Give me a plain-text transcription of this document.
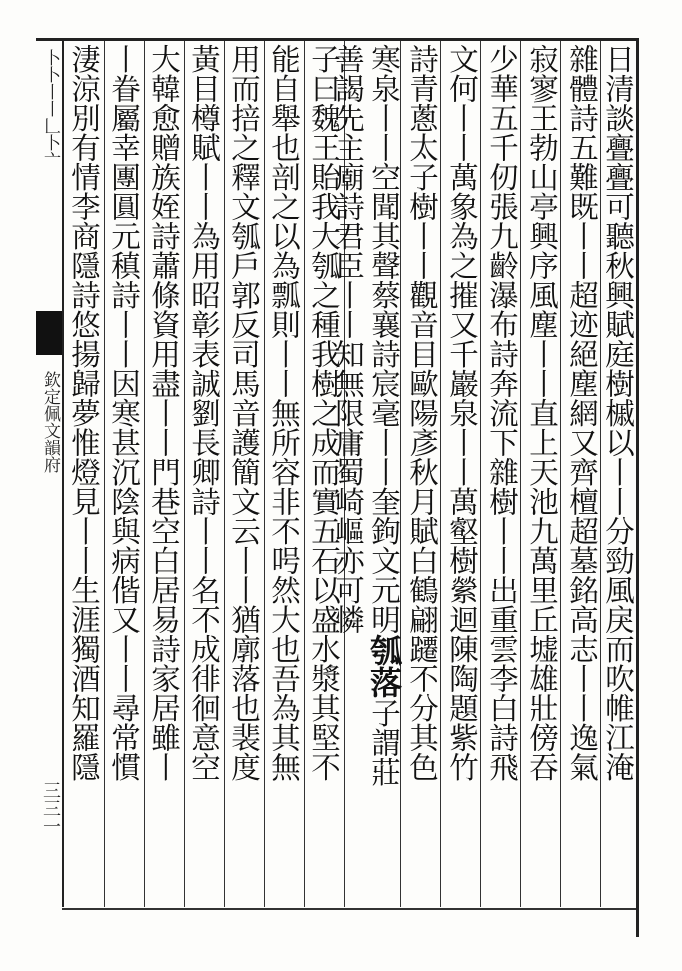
卜卜丨丨𠃊卜亠
欽定佩文韻府
三三一
日清談亹亹可聽秋興賦庭樹槭以丨丨分勁風戾而吹帷江淹
雜體詩五難既丨丨超迹絕塵網又齊檀超墓銘高志丨丨逸氣
寂寥王勃山亭興序風塵丨丨直上天池九萬里丘墟雄壯傍吞
少華五千仞張九齡瀑布詩奔流下雜樹丨丨出重雲李白詩飛
文何丨丨萬象為之摧又千巖泉丨丨萬壑樹縈迴陳陶題紫竹
詩青蔥太子樹丨丨觀音目歐陽彥秋月賦白鶴翩躚不分其色
寒泉丨丨空聞其聲蔡襄詩宸毫丨丨奎鉤文元明瓠落子謂莊
善謁先主廟詩君臣丨丨知無限庸蜀崎嶇亦可憐
子曰魏王貽我大瓠之種我樹之成而實五石以盛水漿其堅不
能自舉也剖之以為瓢則丨丨無所容非不呺然大也吾為其無
用而掊之釋文瓠戶郭反司馬音護簡文云丨丨猶廓落也裴度
黃目樽賦丨丨為用昭彰表誠劉長卿詩丨丨名不成徘徊意空
大韓愈贈族姪詩蕭條資用盡丨丨門巷空白居易詩家居雖丨
丨眷屬幸團圓元稹詩丨丨因寒甚沉陰與病偕又丨丨尋常慣
淒涼別有情李商隱詩悠揚歸夢惟燈見丨丨生涯獨酒知羅隱
